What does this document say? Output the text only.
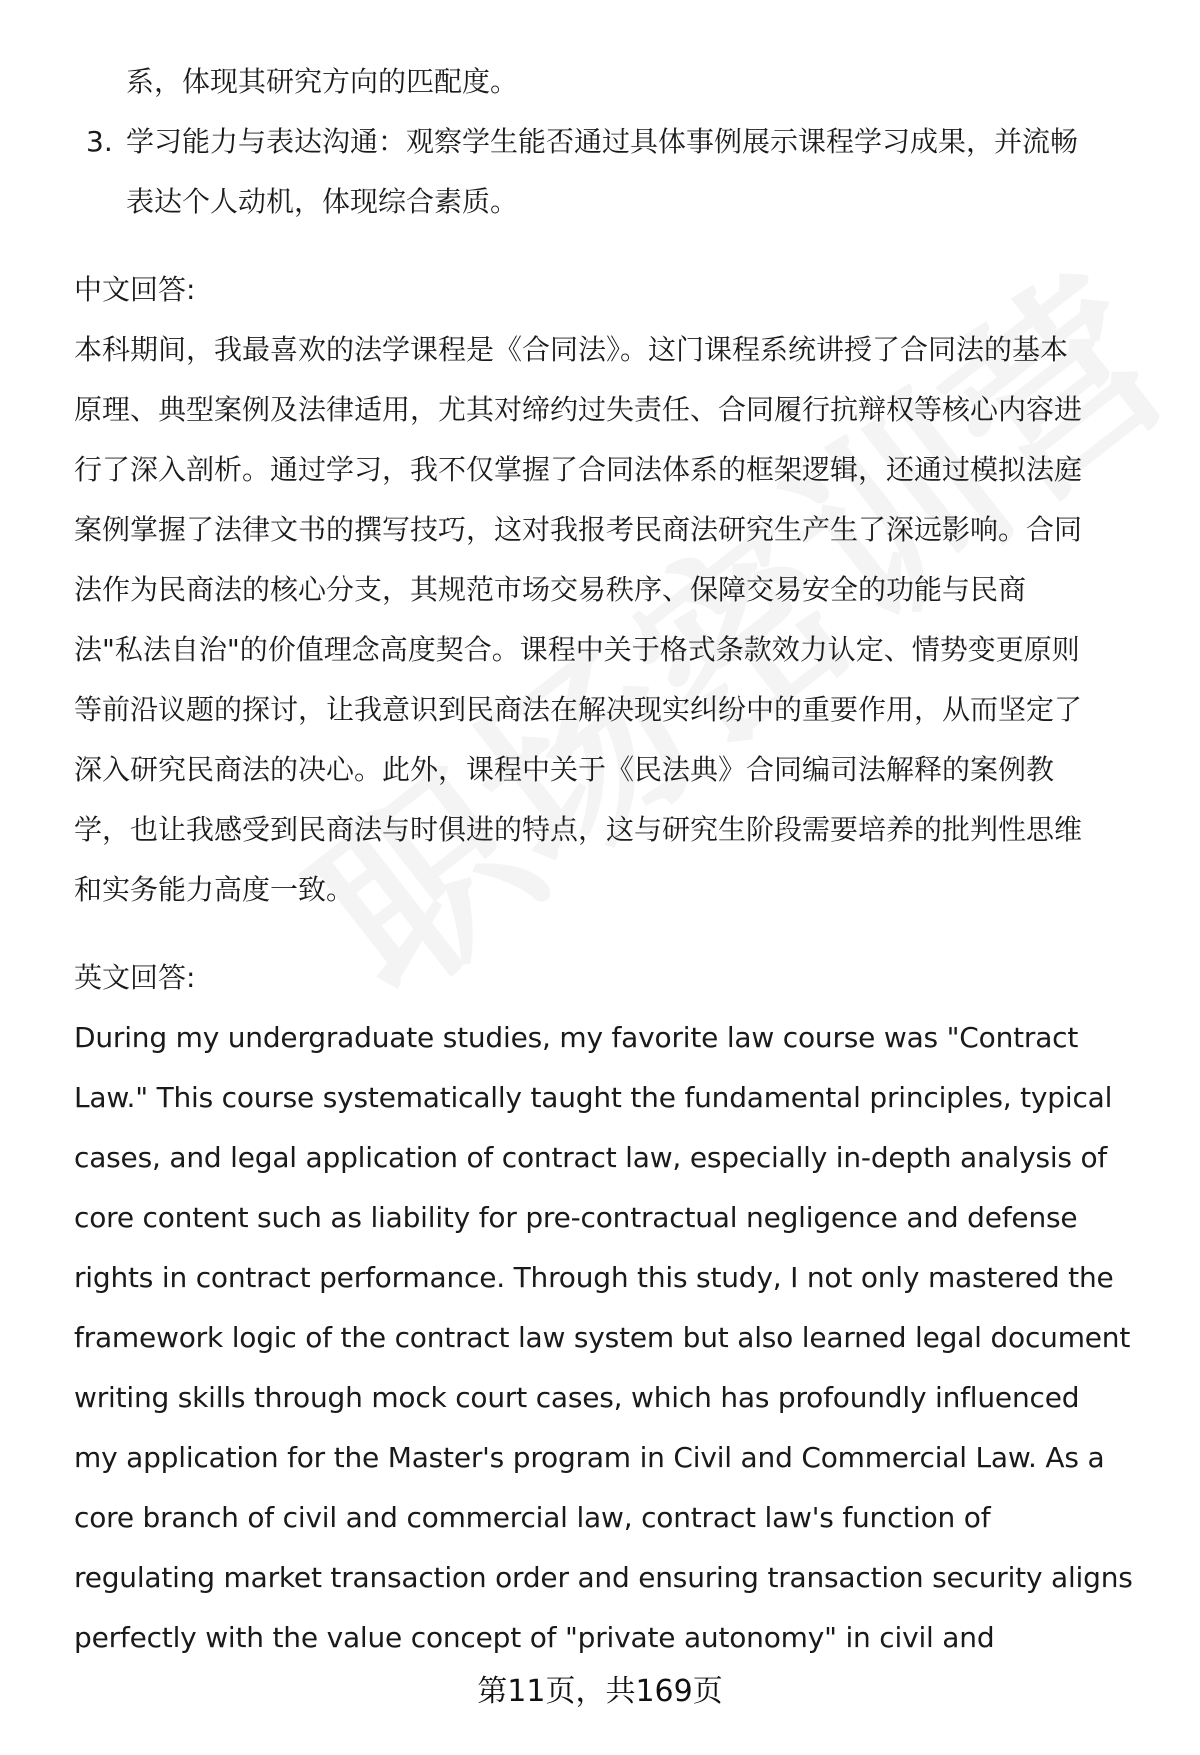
系，体现其研究方向的匹配度。
3. 学习能力与表达沟通：观察学生能否通过具体事例展示课程学习成果，并流畅
表达个人动机，体现综合素质。
中文回答:
本科期间，我最喜欢的法学课程是《合同法》。这门课程系统讲授了合同法的基本
原理、典型案例及法律适用，尤其对缔约过失责任、合同履行抗辩权等核心内容进
行了深入剖析。通过学习，我不仅掌握了合同法体系的框架逻辑，还通过模拟法庭
案例掌握了法律文书的撰写技巧，这对我报考民商法研究生产生了深远影响。合同
法作为民商法的核心分支，其规范市场交易秩序、保障交易安全的功能与民商
法"私法自治"的价值理念高度契合。课程中关于格式条款效力认定、情势变更原则
等前沿议题的探讨，让我意识到民商法在解决现实纠纷中的重要作用，从而坚定了
深入研究民商法的决心。此外，课程中关于《民法典》合同编司法解释的案例教
学，也让我感受到民商法与时俱进的特点，这与研究生阶段需要培养的批判性思维
和实务能力高度一致。
英文回答:
During my undergraduate studies, my favorite law course was "Contract
Law." This course systematically taught the fundamental principles, typical
cases, and legal application of contract law, especially in-depth analysis of
core content such as liability for pre-contractual negligence and defense
rights in contract performance. Through this study, I not only mastered the
framework logic of the contract law system but also learned legal document
writing skills through mock court cases, which has profoundly influenced
my application for the Master's program in Civil and Commercial Law. As a
core branch of civil and commercial law, contract law's function of
regulating market transaction order and ensuring transaction security aligns
perfectly with the value concept of "private autonomy" in civil and
第11页，共169页
